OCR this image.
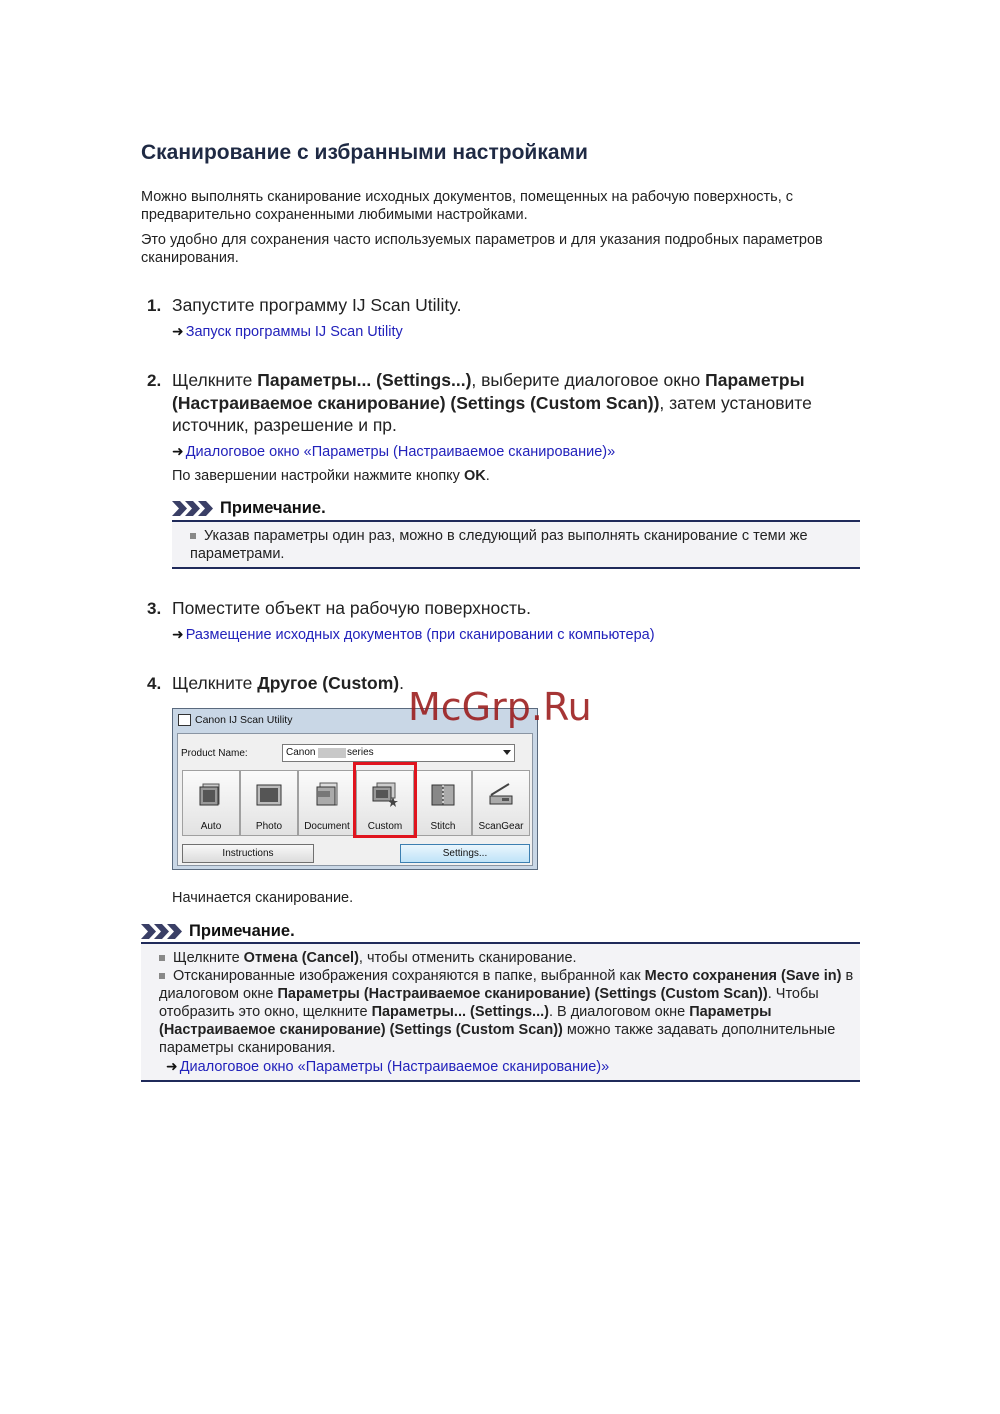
Сканирование с избранными настройками
Можно выполнять сканирование исходных документов, помещенных на рабочую поверхность, с предварительно сохраненными любимыми настройками.
Это удобно для сохранения часто используемых параметров и для указания подробных параметров сканирования.
1. Запустите программу IJ Scan Utility.
➜ Запуск программы IJ Scan Utility
2. Щелкните Параметры... (Settings...), выберите диалоговое окно Параметры (Настраиваемое сканирование) (Settings (Custom Scan)), затем установите источник, разрешение и пр.
➜ Диалоговое окно «Параметры (Настраиваемое сканирование)»
По завершении настройки нажмите кнопку OK.
Примечание.
Указав параметры один раз, можно в следующий раз выполнять сканирование с теми же параметрами.
3. Поместите объект на рабочую поверхность.
➜ Размещение исходных документов (при сканировании с компьютера)
4. Щелкните Другое (Custom).
Canon IJ Scan Utility
Product Name:	Canon	series
Auto	Photo	Document	Custom	Stitch	ScanGear
Instructions	Settings...
McGrp.Ru
Начинается сканирование.
Примечание.
Щелкните Отмена (Cancel), чтобы отменить сканирование.
Отсканированные изображения сохраняются в папке, выбранной как Место сохранения (Save in) в диалоговом окне Параметры (Настраиваемое сканирование) (Settings (Custom Scan)). Чтобы отобразить это окно, щелкните Параметры... (Settings...). В диалоговом окне Параметры (Настраиваемое сканирование) (Settings (Custom Scan)) можно также задавать дополнительные параметры сканирования.
➜ Диалоговое окно «Параметры (Настраиваемое сканирование)»
